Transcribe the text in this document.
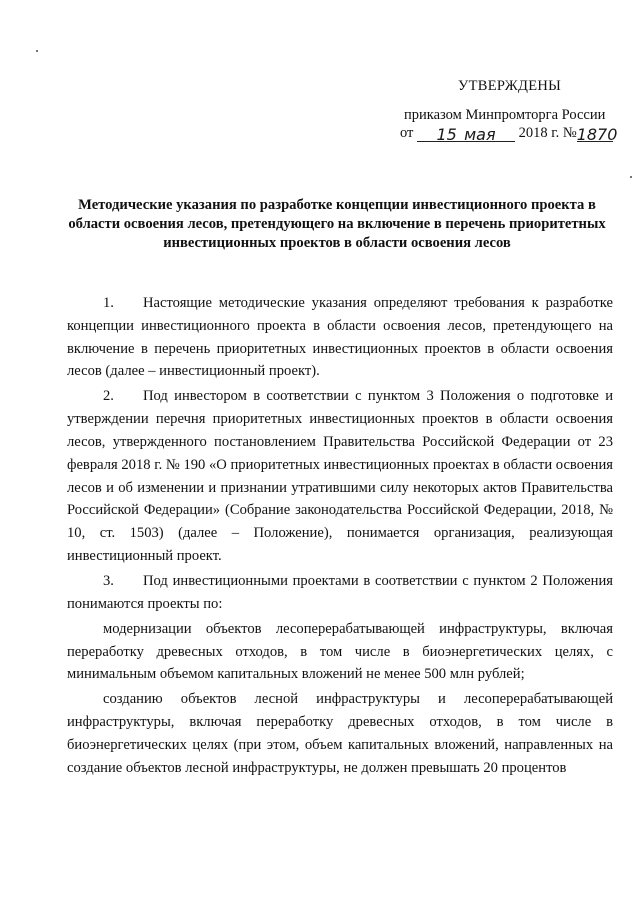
УТВЕРЖДЕНЫ
приказом Минпромторга России
от 15 мая 2018 г. №1870
Методические указания по разработке концепции инвестиционного проекта в области освоения лесов, претендующего на включение в перечень приоритетных инвестиционных проектов в области освоения лесов

1. Настоящие методические указания определяют требования к разработке концепции инвестиционного проекта в области освоения лесов, претендующего на включение в перечень приоритетных инвестиционных проектов в области освоения лесов (далее – инвестиционный проект).

2. Под инвестором в соответствии с пунктом 3 Положения о подготовке и утверждении перечня приоритетных инвестиционных проектов в области освоения лесов, утвержденного постановлением Правительства Российской Федерации от 23 февраля 2018 г. № 190 «О приоритетных инвестиционных проектах в области освоения лесов и об изменении и признании утратившими силу некоторых актов Правительства Российской Федерации» (Собрание законодательства Российской Федерации, 2018, № 10, ст. 1503) (далее – Положение), понимается организация, реализующая инвестиционный проект.

3. Под инвестиционными проектами в соответствии с пунктом 2 Положения понимаются проекты по:

модернизации объектов лесоперерабатывающей инфраструктуры, включая переработку древесных отходов, в том числе в биоэнергетических целях, с минимальным объемом капитальных вложений не менее 500 млн рублей;

созданию объектов лесной инфраструктуры и лесоперерабатывающей инфраструктуры, включая переработку древесных отходов, в том числе в биоэнергетических целях (при этом, объем капитальных вложений, направленных на создание объектов лесной инфраструктуры, не должен превышать 20 процентов
